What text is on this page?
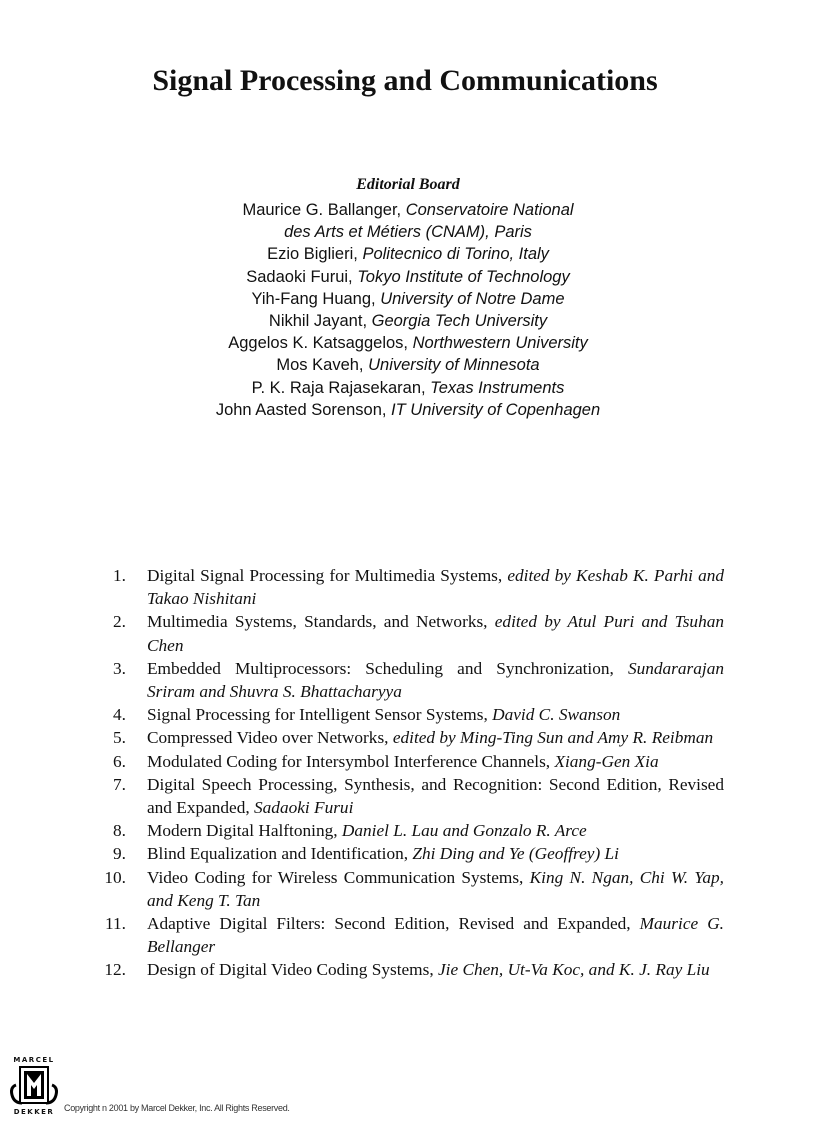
Signal Processing and Communications
Editorial Board
Maurice G. Ballanger, Conservatoire National
des Arts et Métiers (CNAM), Paris
Ezio Biglieri, Politecnico di Torino, Italy
Sadaoki Furui, Tokyo Institute of Technology
Yih-Fang Huang, University of Notre Dame
Nikhil Jayant, Georgia Tech University
Aggelos K. Katsaggelos, Northwestern University
Mos Kaveh, University of Minnesota
P. K. Raja Rajasekaran, Texas Instruments
John Aasted Sorenson, IT University of Copenhagen
1. Digital Signal Processing for Multimedia Systems, edited by Keshab K. Parhi and Takao Nishitani
2. Multimedia Systems, Standards, and Networks, edited by Atul Puri and Tsuhan Chen
3. Embedded Multiprocessors: Scheduling and Synchronization, Sundararajan Sriram and Shuvra S. Bhattacharyya
4. Signal Processing for Intelligent Sensor Systems, David C. Swanson
5. Compressed Video over Networks, edited by Ming-Ting Sun and Amy R. Reibman
6. Modulated Coding for Intersymbol Interference Channels, Xiang-Gen Xia
7. Digital Speech Processing, Synthesis, and Recognition: Second Edition, Revised and Expanded, Sadaoki Furui
8. Modern Digital Halftoning, Daniel L. Lau and Gonzalo R. Arce
9. Blind Equalization and Identification, Zhi Ding and Ye (Geoffrey) Li
10. Video Coding for Wireless Communication Systems, King N. Ngan, Chi W. Yap, and Keng T. Tan
11. Adaptive Digital Filters: Second Edition, Revised and Expanded, Maurice G. Bellanger
12. Design of Digital Video Coding Systems, Jie Chen, Ut-Va Koc, and K. J. Ray Liu
MARCEL
DEKKER Copyright n 2001 by Marcel Dekker, Inc. All Rights Reserved.
